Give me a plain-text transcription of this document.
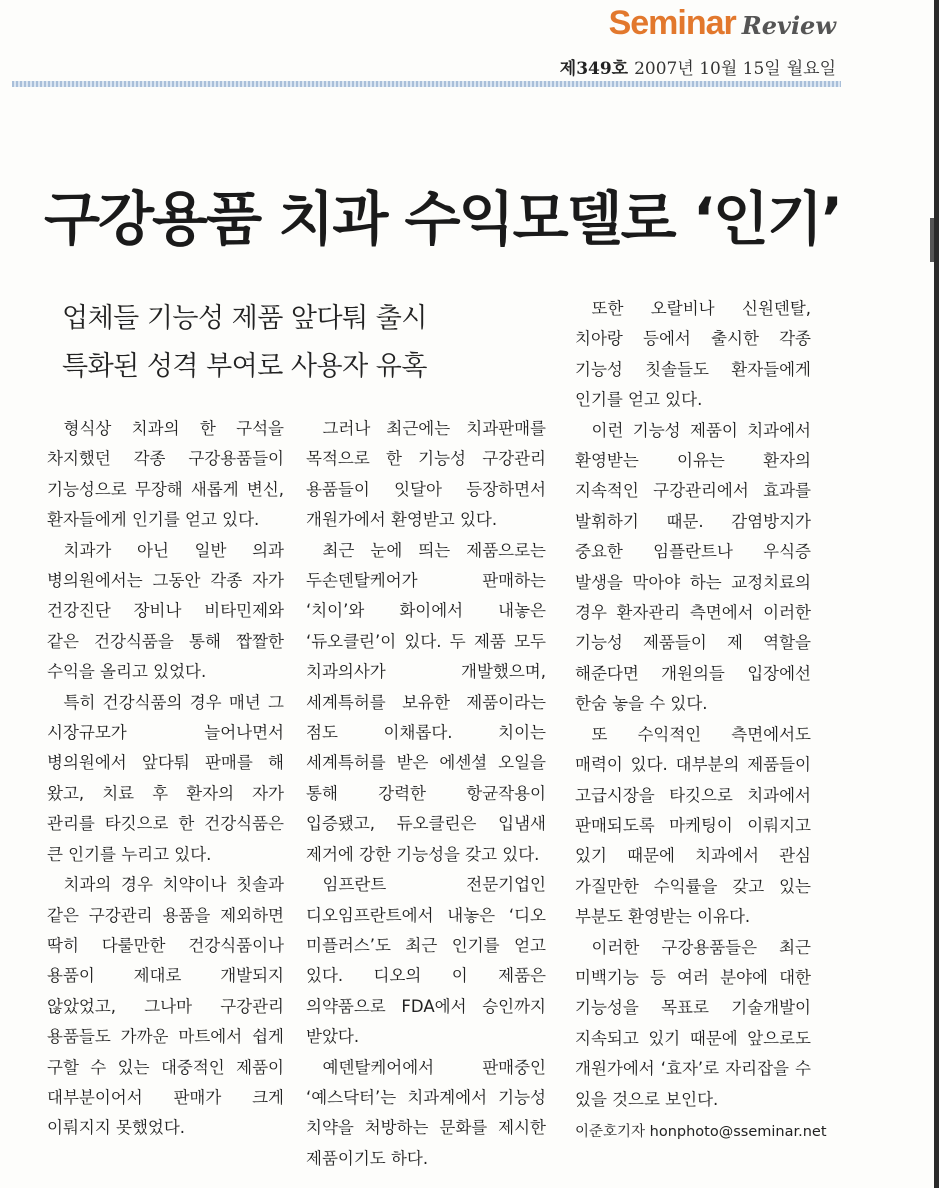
Seminar Review
제349호 2007년 10월 15일 월요일
구강용품 치과 수익모델로 ‘인기’
업체들 기능성 제품 앞다퉈 출시
특화된 성격 부여로 사용자 유혹

형식상 치과의 한 구석을 차지했던 각종 구강용품들이 기능성으로 무장해 새롭게 변신, 환자들에게 인기를 얻고 있다.

치과가 아닌 일반 의과 병의원에서는 그동안 각종 자가 건강진단 장비나 비타민제와 같은 건강식품을 통해 짭짤한 수익을 올리고 있었다.

특히 건강식품의 경우 매년 그 시장규모가 늘어나면서 병의원에서 앞다퉈 판매를 해 왔고, 치료 후 환자의 자가 관리를 타깃으로 한 건강식품은 큰 인기를 누리고 있다.

치과의 경우 치약이나 칫솔과 같은 구강관리 용품을 제외하면 딱히 다룰만한 건강식품이나 용품이 제대로 개발되지 않았었고, 그나마 구강관리 용품들도 가까운 마트에서 쉽게 구할 수 있는 대중적인 제품이 대부분이어서 판매가 크게 이뤄지지 못했었다.

그러나 최근에는 치과판매를 목적으로 한 기능성 구강관리 용품들이 잇달아 등장하면서 개원가에서 환영받고 있다.

최근 눈에 띄는 제품으로는 두손덴탈케어가 판매하는 ‘치이’와 화이에서 내놓은 ‘듀오클린’이 있다. 두 제품 모두 치과의사가 개발했으며, 세계특허를 보유한 제품이라는 점도 이채롭다. 치이는 세계특허를 받은 에센셜 오일을 통해 강력한 항균작용이 입증됐고, 듀오클린은 입냄새 제거에 강한 기능성을 갖고 있다.

임프란트 전문기업인 디오임프란트에서 내놓은 ‘디오 미플러스’도 최근 인기를 얻고 있다. 디오의 이 제품은 의약품으로 FDA에서 승인까지 받았다.

예덴탈케어에서 판매중인 ‘예스닥터’는 치과계에서 기능성 치약을 처방하는 문화를 제시한 제품이기도 하다.

또한 오랄비나 신원덴탈, 치아랑 등에서 출시한 각종 기능성 칫솔들도 환자들에게 인기를 얻고 있다.

이런 기능성 제품이 치과에서 환영받는 이유는 환자의 지속적인 구강관리에서 효과를 발휘하기 때문. 감염방지가 중요한 임플란트나 우식증 발생을 막아야 하는 교정치료의 경우 환자관리 측면에서 이러한 기능성 제품들이 제 역할을 해준다면 개원의들 입장에선 한숨 놓을 수 있다.

또 수익적인 측면에서도 매력이 있다. 대부분의 제품들이 고급시장을 타깃으로 치과에서 판매되도록 마케팅이 이뤄지고 있기 때문에 치과에서 관심 가질만한 수익률을 갖고 있는 부분도 환영받는 이유다.

이러한 구강용품들은 최근 미백기능 등 여러 분야에 대한 기능성을 목표로 기술개발이 지속되고 있기 때문에 앞으로도 개원가에서 ‘효자’로 자리잡을 수 있을 것으로 보인다.

이준호기자 honphoto@sseminar.net
